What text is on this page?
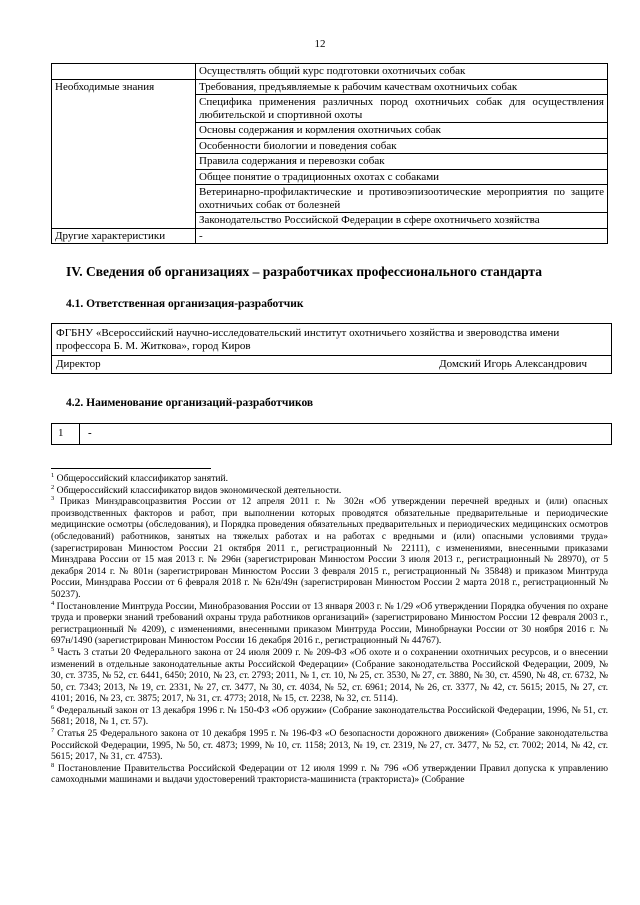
12
	Осуществлять общий курс подготовки охотничьих собак
Необходимые знания	Требования, предъявляемые к рабочим качествам охотничьих собак
	Специфика применения различных пород охотничьих собак для осуществления любительской и спортивной охоты
	Основы содержания и кормления охотничьих собак
	Особенности биологии и поведения собак
	Правила содержания и перевозки собак
	Общее понятие о традиционных охотах с собаками
	Ветеринарно-профилактические и противоэпизоотические мероприятия по защите охотничьих собак от болезней
	Законодательство Российской Федерации в сфере охотничьего хозяйства
Другие характеристики	-
IV. Сведения об организациях – разработчиках профессионального стандарта
4.1. Ответственная организация-разработчик
ФГБНУ «Всероссийский научно-исследовательский институт охотничьего хозяйства и звероводства имени профессора Б. М. Житкова», город Киров
Директор	Домский Игорь Александрович
4.2. Наименование организаций-разработчиков
1	-

$^1$ Общероссийский классификатор занятий.

$^2$ Общероссийский классификатор видов экономической деятельности.

$^3$ Приказ Минздравсоцразвития России от 12 апреля 2011 г. № 302н «Об утверждении перечней вредных и (или) опасных производственных факторов и работ, при выполнении которых проводятся обязательные предварительные и периодические медицинские осмотры (обследования), и Порядка проведения обязательных предварительных и периодических медицинских осмотров (обследований) работников, занятых на тяжелых работах и на работах с вредными и (или) опасными условиями труда» (зарегистрирован Минюстом России 21 октября 2011 г., регистрационный № 22111), с изменениями, внесенными приказами Минздрава России от 15 мая 2013 г. № 296н (зарегистрирован Минюстом России 3 июля 2013 г., регистрационный № 28970), от 5 декабря 2014 г. № 801н (зарегистрирован Минюстом России 3 февраля 2015 г., регистрационный № 35848) и приказом Минтруда России, Минздрава России от 6 февраля 2018 г. № 62н/49н (зарегистрирован Минюстом России 2 марта 2018 г., регистрационный № 50237).

$^4$ Постановление Минтруда России, Минобразования России от 13 января 2003 г. № 1/29 «Об утверждении Порядка обучения по охране труда и проверки знаний требований охраны труда работников организаций» (зарегистрировано Минюстом России 12 февраля 2003 г., регистрационный № 4209), с изменениями, внесенными приказом Минтруда России, Минобрнауки России от 30 ноября 2016 г. № 697н/1490 (зарегистрирован Минюстом России 16 декабря 2016 г., регистрационный № 44767).

$^5$ Часть 3 статьи 20 Федерального закона от 24 июля 2009 г. № 209-ФЗ «Об охоте и о сохранении охотничьих ресурсов, и о внесении изменений в отдельные законодательные акты Российской Федерации» (Собрание законодательства Российской Федерации, 2009, № 30, ст. 3735, № 52, ст. 6441, 6450; 2010, № 23, ст. 2793; 2011, № 1, ст. 10, № 25, ст. 3530, № 27, ст. 3880, № 30, ст. 4590, № 48, ст. 6732, № 50, ст. 7343; 2013, № 19, ст. 2331, № 27, ст. 3477, № 30, ст. 4034, № 52, ст. 6961; 2014, № 26, ст. 3377, № 42, ст. 5615; 2015, № 27, ст. 4101; 2016, № 23, ст. 3875; 2017, № 31, ст. 4773; 2018, № 15, ст. 2238, № 32, ст. 5114).

$^6$ Федеральный закон от 13 декабря 1996 г. № 150-ФЗ «Об оружии» (Собрание законодательства Российской Федерации, 1996, № 51, ст. 5681; 2018, № 1, ст. 57).

$^7$ Статья 25 Федерального закона от 10 декабря 1995 г. № 196-ФЗ «О безопасности дорожного движения» (Собрание законодательства Российской Федерации, 1995, № 50, ст. 4873; 1999, № 10, ст. 1158; 2013, № 19, ст. 2319, № 27, ст. 3477, № 52, ст. 7002; 2014, № 42, ст. 5615; 2017, № 31, ст. 4753).

$^8$ Постановление Правительства Российской Федерации от 12 июля 1999 г. № 796 «Об утверждении Правил допуска к управлению самоходными машинами и выдачи удостоверений тракториста-машиниста (тракториста)» (Собрание
